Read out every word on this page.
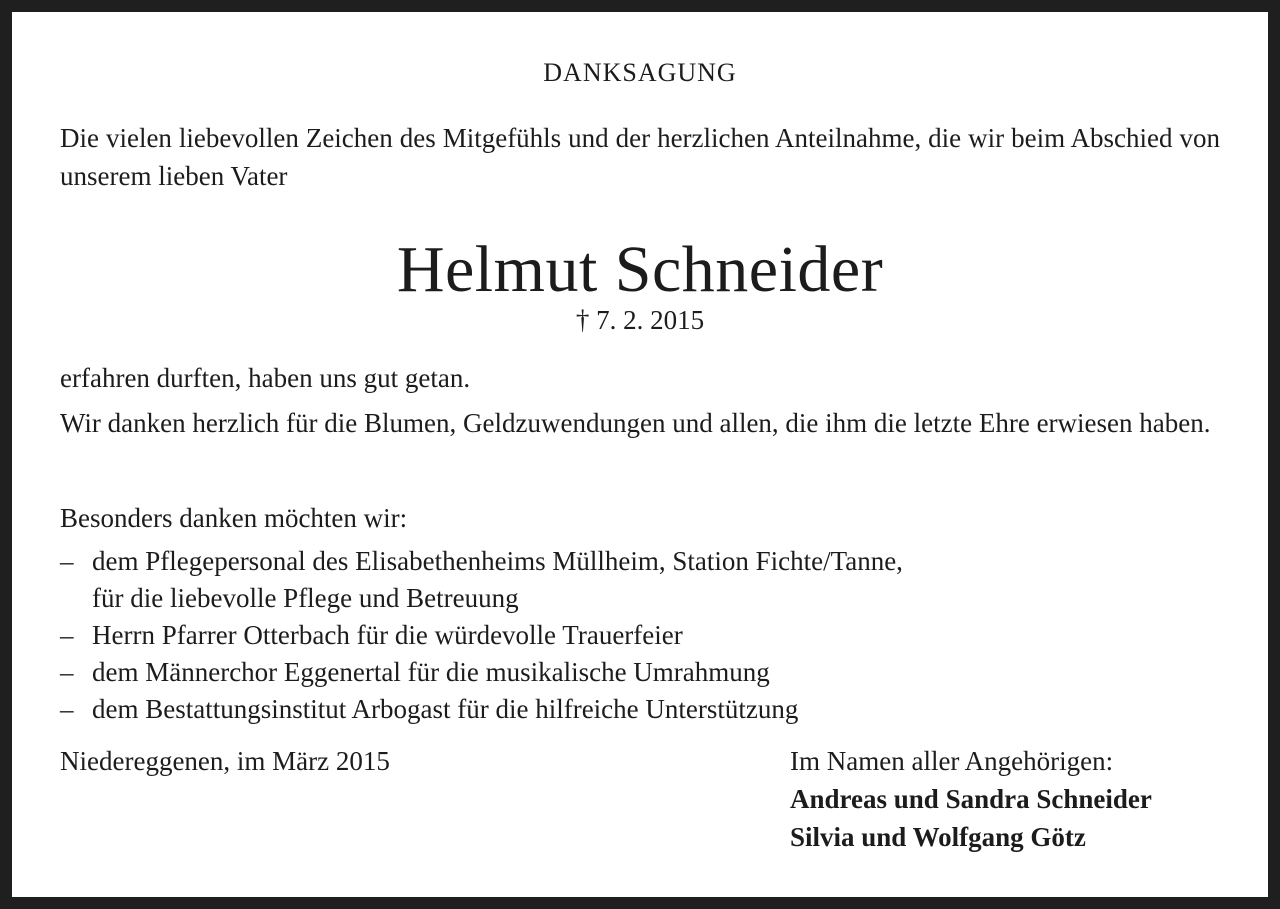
DANKSAGUNG
Die vielen liebevollen Zeichen des Mitgefühls und der herzlichen Anteilnahme, die wir beim Abschied von unserem lieben Vater
Helmut Schneider
† 7. 2. 2015
erfahren durften, haben uns gut getan.
Wir danken herzlich für die Blumen, Geldzuwendungen und allen, die ihm die letzte Ehre erwiesen haben.
Besonders danken möchten wir:
– dem Pflegepersonal des Elisabethenheims Müllheim, Station Fichte/Tanne,
für die liebevolle Pflege und Betreuung
– Herrn Pfarrer Otterbach für die würdevolle Trauerfeier
– dem Männerchor Eggenertal für die musikalische Umrahmung
– dem Bestattungsinstitut Arbogast für die hilfreiche Unterstützung
Niedereggenen, im März 2015	Im Namen aller Angehörigen:
Andreas und Sandra Schneider
Silvia und Wolfgang Götz
